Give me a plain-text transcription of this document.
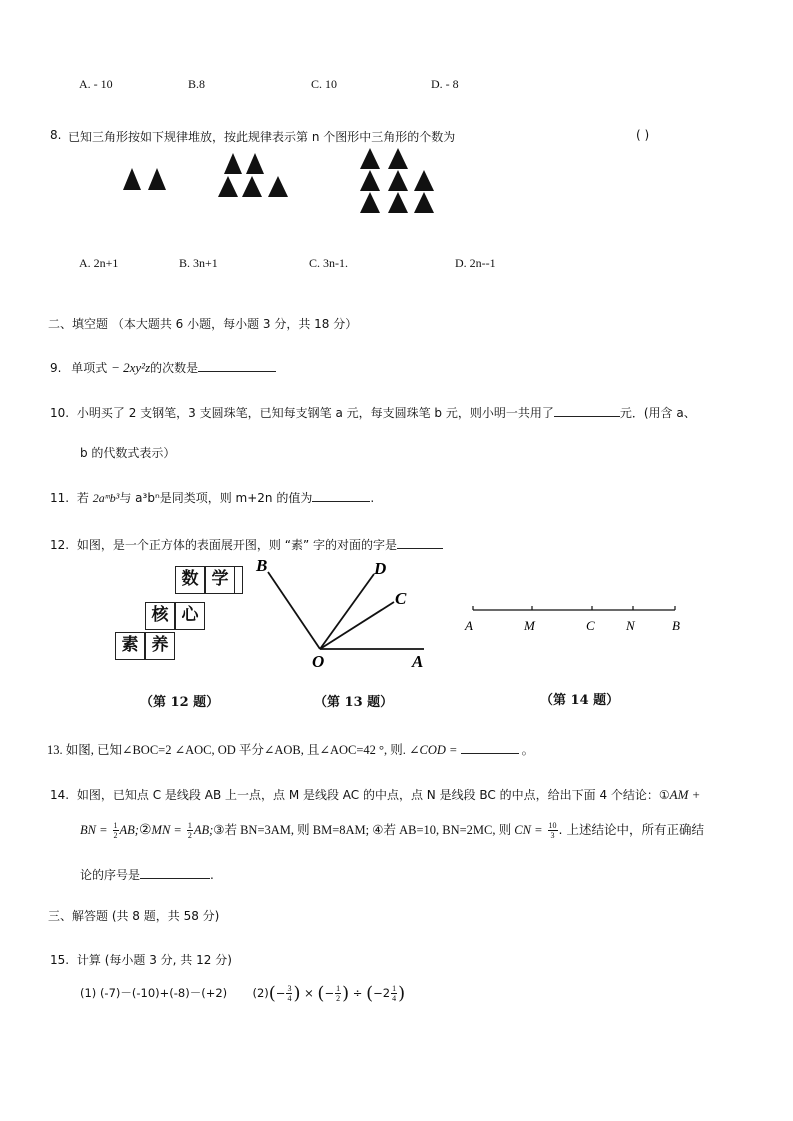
A. - 10	B.8	C. 10	D. - 8
8. 已知三角形按如下规律堆放，按此规律表示第 n 个图形中三角形的个数为	( )
A. 2n+1	B. 3n+1	C. 3n-1.	D. 2n--1
二、填空题 （本大题共 6 小题，每小题 3 分，共 18 分）
9. 单项式 − 2xy²z的次数是
10. 小明买了 2 支钢笔，3 支圆珠笔，已知每支钢笔 a 元，每支圆珠笔 b 元，则小明一共用了	元．(用含 a、
b 的代数式表示）
11. 若 2aᵐb³与 a³bⁿ是同类项，则 m+2n 的值为	.
12. 如图，是一个正方体的表面展开图，则 “素” 字的对面的字是
数 学
核 心
素 养
（第 12 题）
B	D
C
O	A
（第 13 题）
A	M	C N	B
（第 14 题）
13. 如图, 已知∠BOC=2 ∠AOC, OD 平分∠AOB, 且∠AOC=42 °, 则. ∠COD =	。
14. 如图，已知点 C 是线段 AB 上一点，点 M 是线段 AC 的中点，点 N 是线段 BC 的中点，给出下面 4 个结论：①AM +
BN = $\frac{1}{2}$ AB;②MN = $\frac{1}{2}$ AB;③若 BN=3AM, 则 BM=8AM; ④若 AB=10, BN=2MC, 则 CN = $\frac{10}{3}$ . 上述结论中，所有正确结
论的序号是	.
三、解答题 (共 8 题，共 58 分)
15. 计算 (每小题 3 分, 共 12 分)
(1) (-7)－(-10)+(-8)－(+2) $(2)(- \frac{3}{4}$ ) × (− $\frac{1}{2}$ ) ÷ ($-2 \frac{1}{4}$ )
